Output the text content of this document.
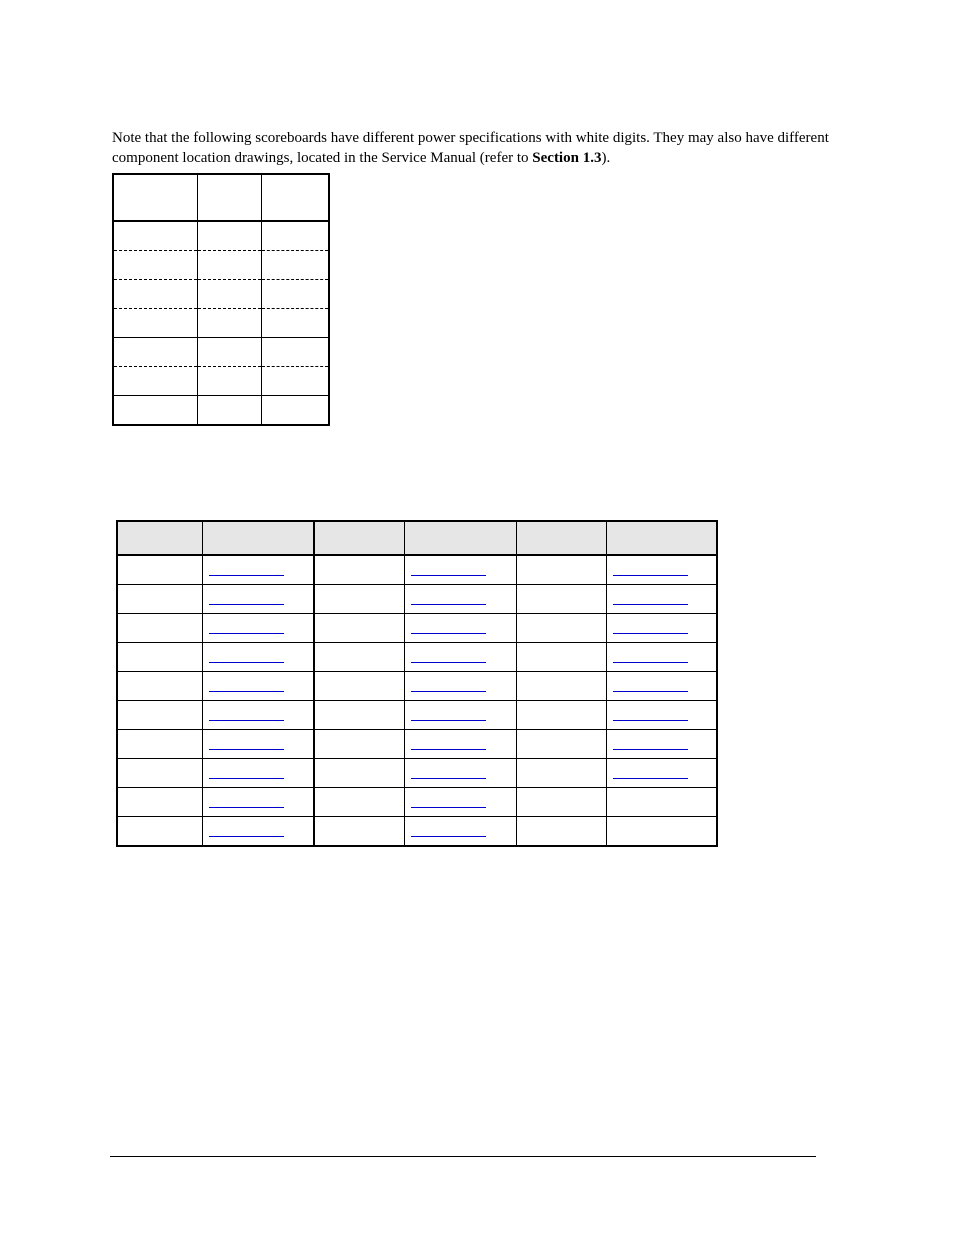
Note that the following scoreboards have different power specifications with white digits. They may also have different component location drawings, located in the Service Manual (refer to Section 1.3).
